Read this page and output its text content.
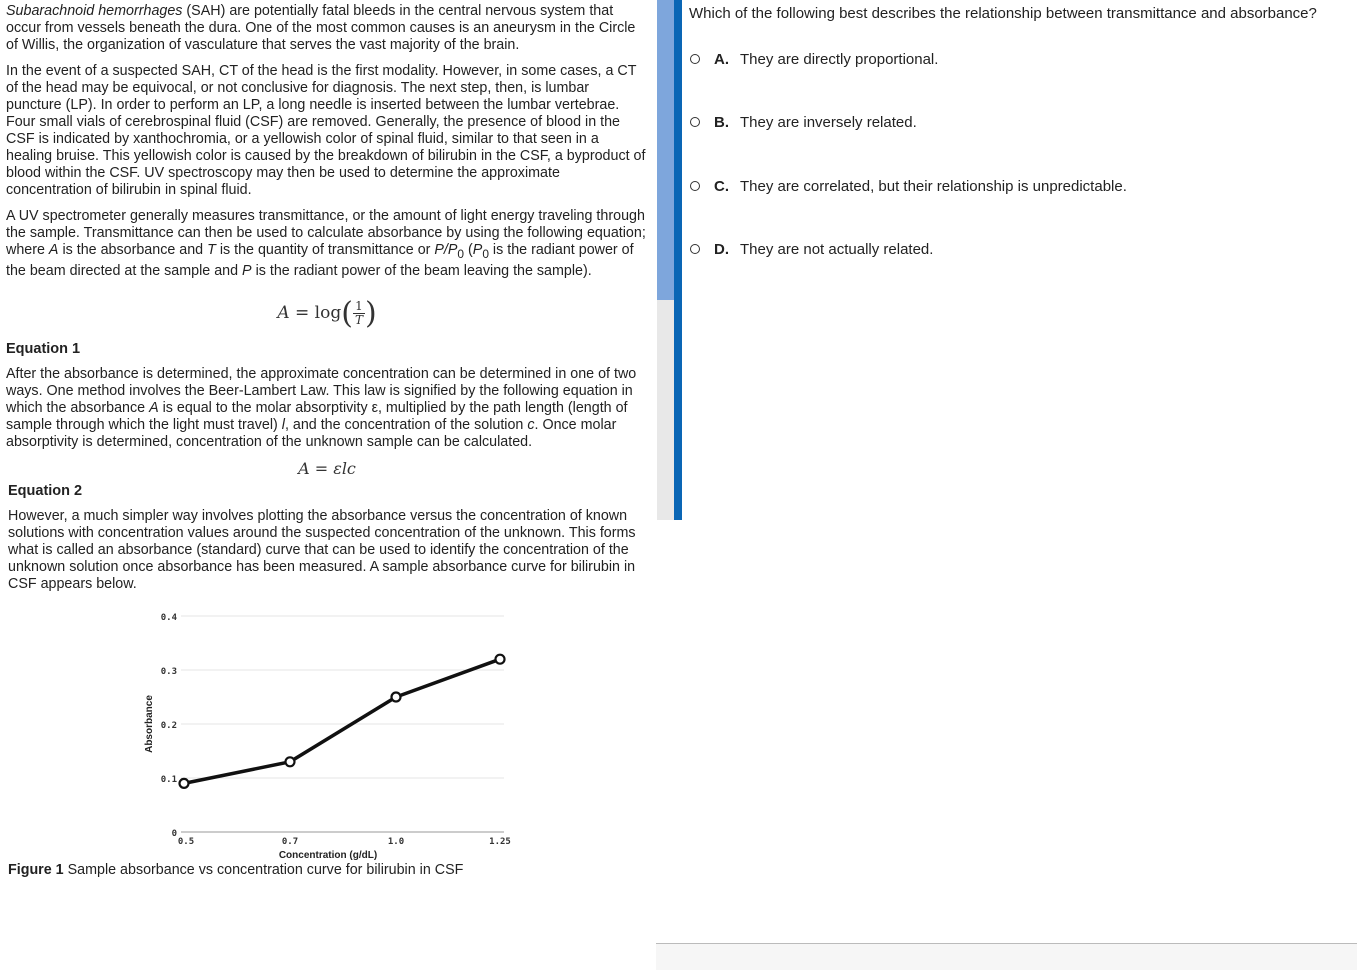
Subarachnoid hemorrhages (SAH) are potentially fatal bleeds in the central nervous system that occur from vessels beneath the dura. One of the most common causes is an aneurysm in the Circle of Willis, the organization of vasculature that serves the vast majority of the brain.

In the event of a suspected SAH, CT of the head is the first modality. However, in some cases, a CT of the head may be equivocal, or not conclusive for diagnosis. The next step, then, is lumbar puncture (LP). In order to perform an LP, a long needle is inserted between the lumbar vertebrae. Four small vials of cerebrospinal fluid (CSF) are removed. Generally, the presence of blood in the CSF is indicated by xanthochromia, or a yellowish color of spinal fluid, similar to that seen in a healing bruise. This yellowish color is caused by the breakdown of bilirubin in the CSF, a byproduct of blood within the CSF. UV spectroscopy may then be used to determine the approximate concentration of bilirubin in spinal fluid.

A UV spectrometer generally measures transmittance, or the amount of light energy traveling through the sample. Transmittance can then be used to calculate absorbance by using the following equation; where A is the absorbance and T is the quantity of transmittance or $P/P_0$ ($P_0$ is the radiant power of the beam directed at the sample and P is the radiant power of the beam leaving the sample).

$A = \log( \frac{1}{T}$ )
Equation 1

After the absorbance is determined, the approximate concentration can be determined in one of two ways. One method involves the Beer-Lambert Law. This law is signified by the following equation in which the absorbance A is equal to the molar absorptivity ε, multiplied by the path length (length of sample through which the light must travel) l, and the concentration of the solution c. Once molar absorptivity is determined, concentration of the unknown sample can be calculated.

A = εlc
Equation 2

However, a much simpler way involves plotting the absorbance versus the concentration of known solutions with concentration values around the suspected concentration of the unknown. This forms what is called an absorbance (standard) curve that can be used to identify the concentration of the unknown solution once absorbance has been measured. A sample absorbance curve for bilirubin in CSF appears below.

0
0.1
0.2
0.3
0.4
0.5	0.7	1.0	1.25
Concentration (g/dL)
Absorbance
Figure 1 Sample absorbance vs concentration curve for bilirubin in CSF
Which of the following best describes the relationship between transmittance and absorbance?
A. They are directly proportional.
B. They are inversely related.
C. They are correlated, but their relationship is unpredictable.
D. They are not actually related.
